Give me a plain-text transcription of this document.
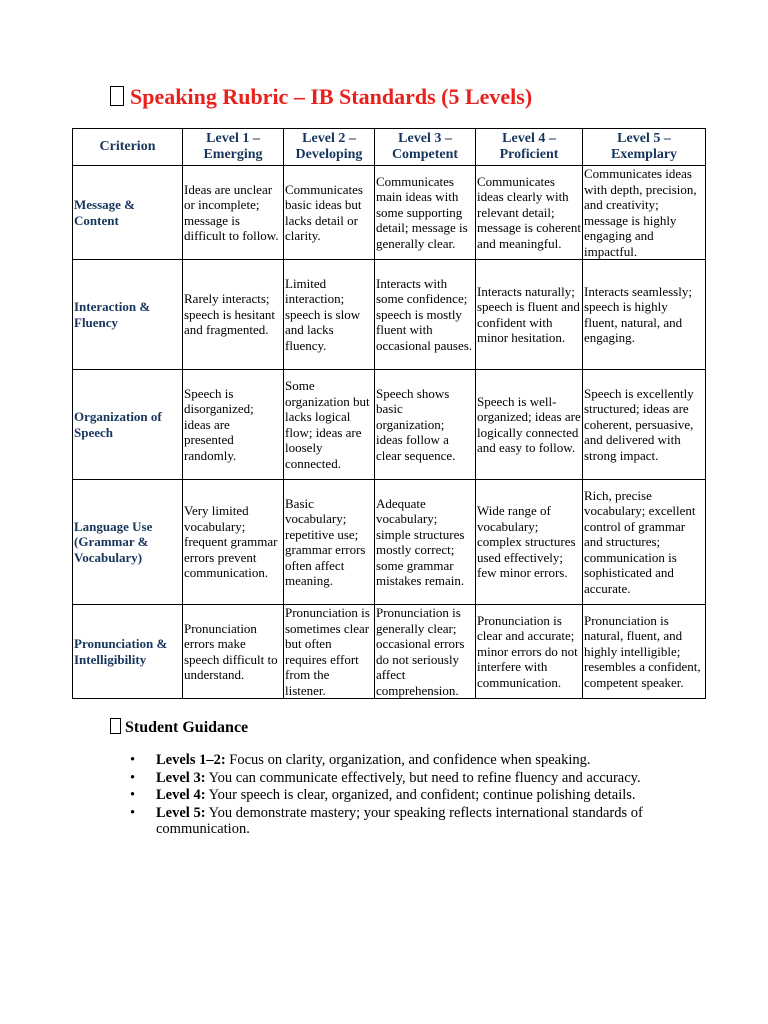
Speaking Rubric – IB Standards (5 Levels)
Criterion	Level 1 – Emerging	Level 2 – Developing	Level 3 – Competent	Level 4 – Proficient	Level 5 – Exemplary
Message & Content	Ideas are unclear or incomplete; message is difficult to follow.	Communicates basic ideas but lacks detail or clarity.	Communicates main ideas with some supporting detail; message is generally clear.	Communicates ideas clearly with relevant detail; message is coherent and meaningful.	Communicates ideas with depth, precision, and creativity; message is highly engaging and impactful.
Interaction & Fluency	Rarely interacts; speech is hesitant and fragmented.	Limited interaction; speech is slow and lacks fluency.	Interacts with some confidence; speech is mostly fluent with occasional pauses.	Interacts naturally; speech is fluent and confident with minor hesitation.	Interacts seamlessly; speech is highly fluent, natural, and engaging.
Organization of Speech	Speech is disorganized; ideas are presented randomly.	Some organization but lacks logical flow; ideas are loosely connected.	Speech shows basic organization; ideas follow a clear sequence.	Speech is well-organized; ideas are logically connected and easy to follow.	Speech is excellently structured; ideas are coherent, persuasive, and delivered with strong impact.
Language Use (Grammar & Vocabulary)	Very limited vocabulary; frequent grammar errors prevent communication.	Basic vocabulary; repetitive use; grammar errors often affect meaning.	Adequate vocabulary; simple structures mostly correct; some grammar mistakes remain.	Wide range of vocabulary; complex structures used effectively; few minor errors.	Rich, precise vocabulary; excellent control of grammar and structures; communication is sophisticated and accurate.
Pronunciation & Intelligibility	Pronunciation errors make speech difficult to understand.	Pronunciation is sometimes clear but often requires effort from the listener.	Pronunciation is generally clear; occasional errors do not seriously affect comprehension.	Pronunciation is clear and accurate; minor errors do not interfere with communication.	Pronunciation is natural, fluent, and highly intelligible; resembles a confident, competent speaker.
Student Guidance
• Levels 1–2: Focus on clarity, organization, and confidence when speaking.
• Level 3: You can communicate effectively, but need to refine fluency and accuracy.
• Level 4: Your speech is clear, organized, and confident; continue polishing details.
• Level 5: You demonstrate mastery; your speaking reflects international standards of communication.
